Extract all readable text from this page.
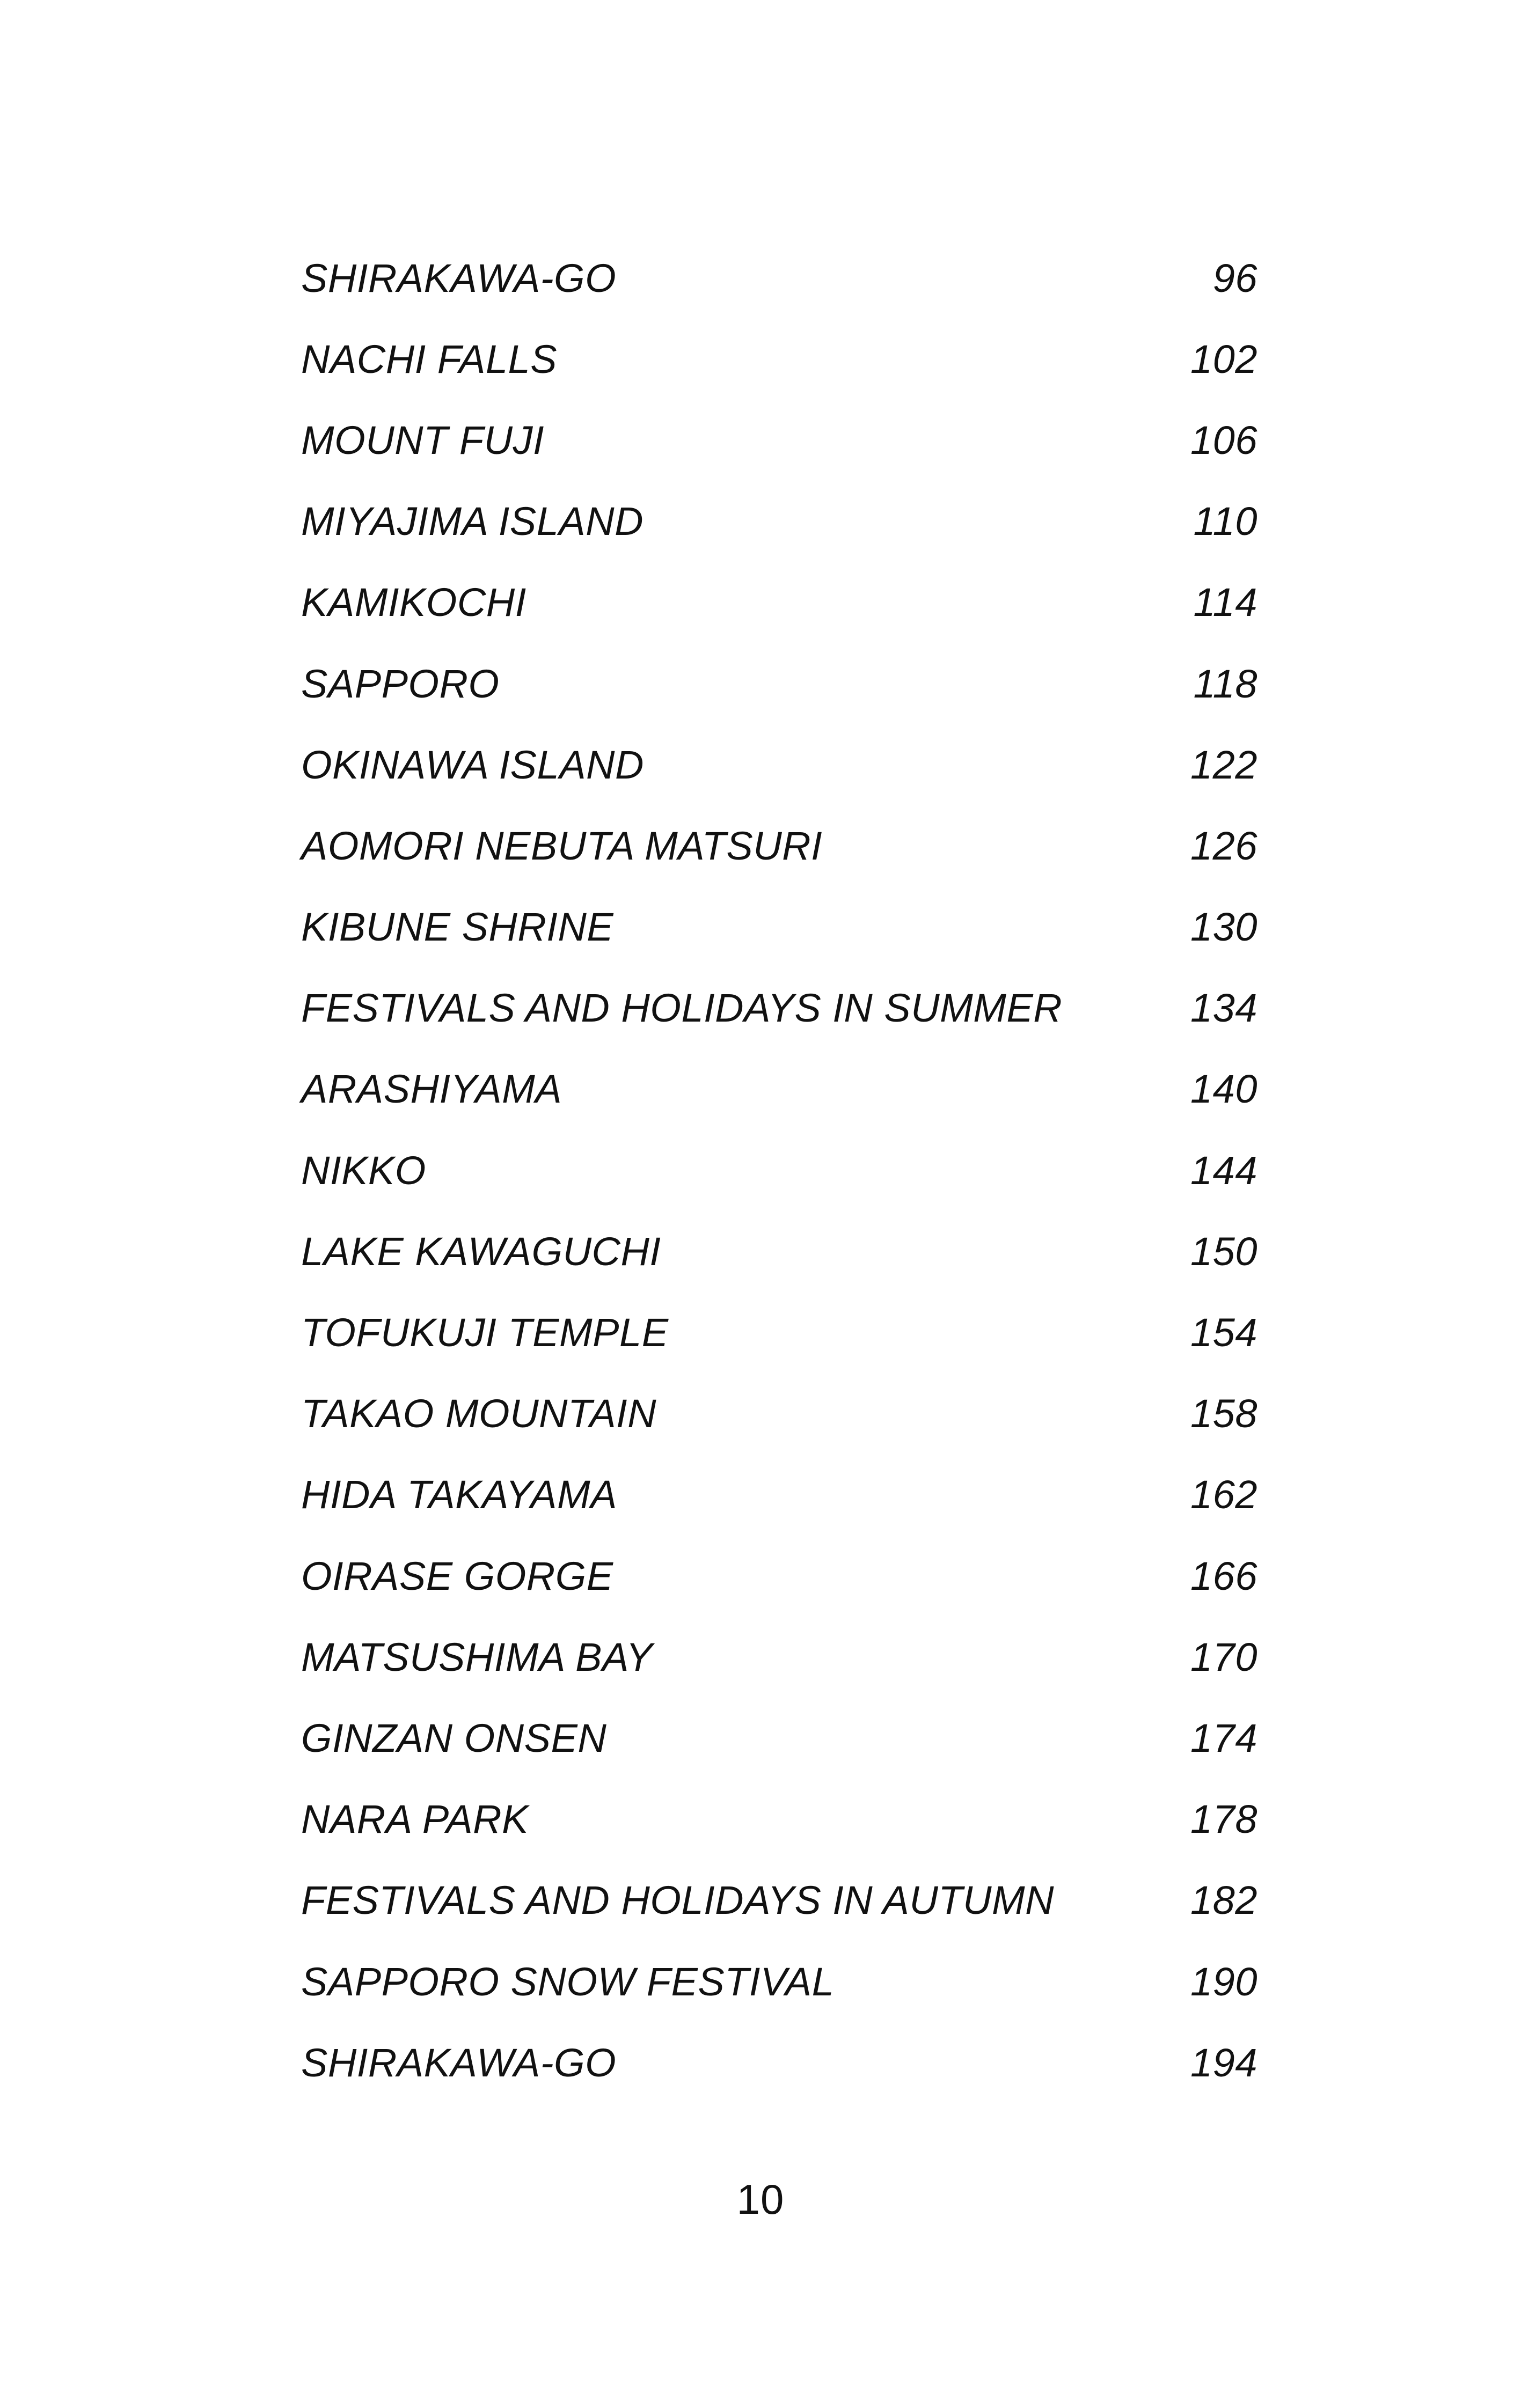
SHIRAKAWA-GO	96
NACHI FALLS	102
MOUNT FUJI	106
MIYAJIMA ISLAND	110
KAMIKOCHI	114
SAPPORO	118
OKINAWA ISLAND	122
AOMORI NEBUTA MATSURI	126
KIBUNE SHRINE	130
FESTIVALS AND HOLIDAYS IN SUMMER	134
ARASHIYAMA	140
NIKKO	144
LAKE KAWAGUCHI	150
TOFUKUJI TEMPLE	154
TAKAO MOUNTAIN	158
HIDA TAKAYAMA	162
OIRASE GORGE	166
MATSUSHIMA BAY	170
GINZAN ONSEN	174
NARA PARK	178
FESTIVALS AND HOLIDAYS IN AUTUMN	182
SAPPORO SNOW FESTIVAL	190
SHIRAKAWA-GO	194
10
